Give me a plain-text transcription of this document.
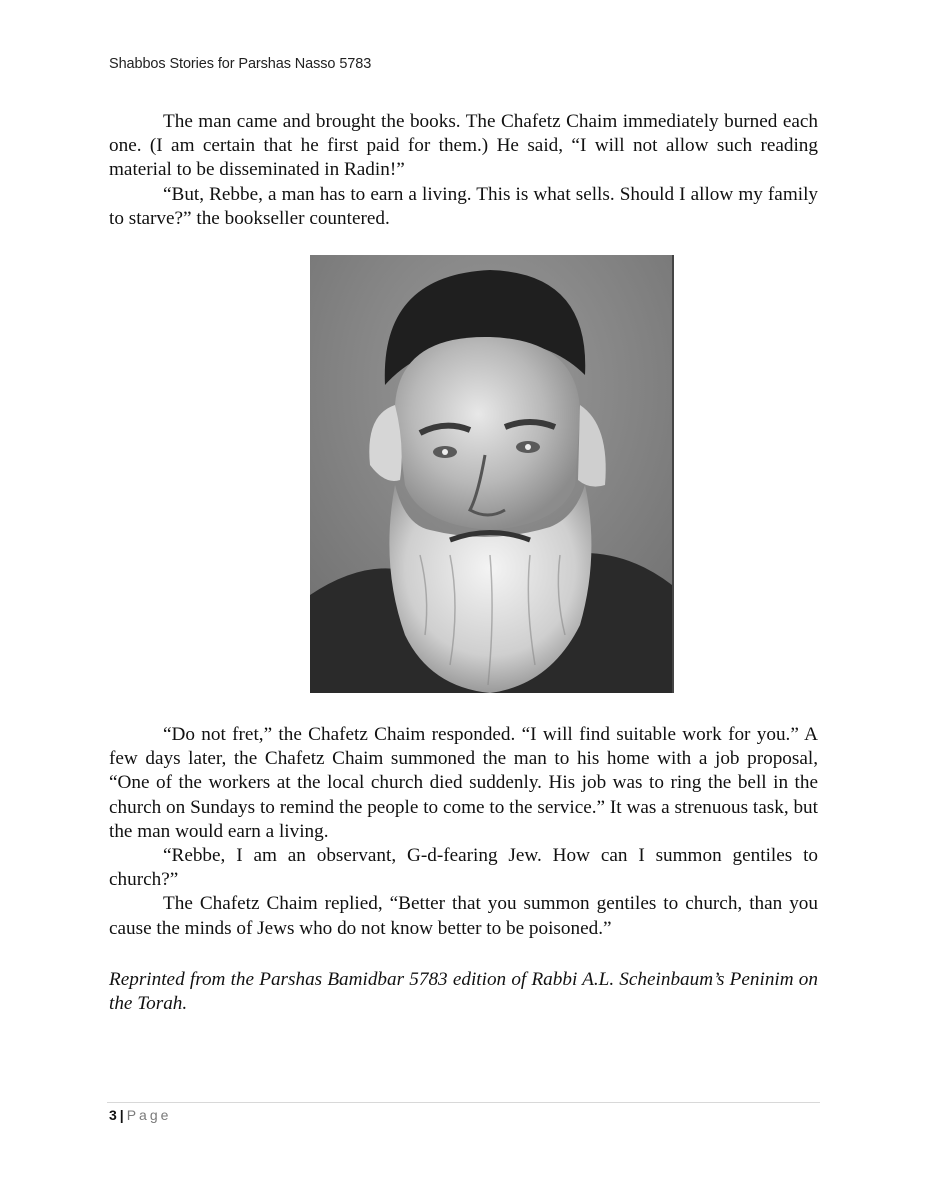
Shabbos Stories for Parshas Nasso 5783

The man came and brought the books. The Chafetz Chaim immediately burned each one. (I am certain that he first paid for them.) He said, “I will not allow such reading material to be disseminated in Radin!”

“But, Rebbe, a man has to earn a living. This is what sells. Should I allow my family to starve?” the bookseller countered.

“Do not fret,” the Chafetz Chaim responded. “I will find suitable work for you.” A few days later, the Chafetz Chaim summoned the man to his home with a job proposal, “One of the workers at the local church died suddenly. His job was to ring the bell in the church on Sundays to remind the people to come to the service.” It was a strenuous task, but the man would earn a living.

“Rebbe, I am an observant, G-d-fearing Jew. How can I summon gentiles to church?”

The Chafetz Chaim replied, “Better that you summon gentiles to church, than you cause the minds of Jews who do not know better to be poisoned.”

Reprinted from the Parshas Bamidbar 5783 edition of Rabbi A.L. Scheinbaum’s Peninim on the Torah.
3 | Page
